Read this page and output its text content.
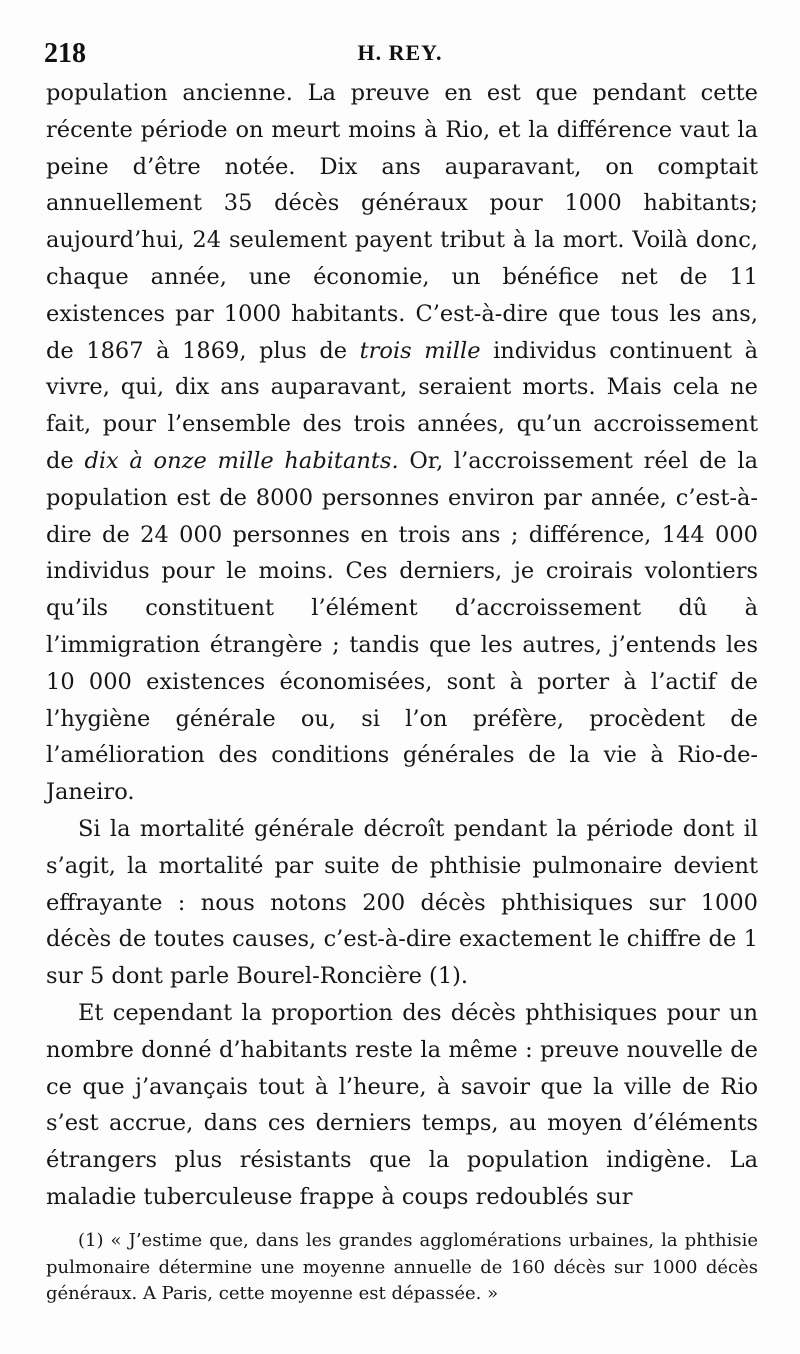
218	H. REY.

population ancienne. La preuve en est que pendant cette récente période on meurt moins à Rio, et la différence vaut la peine d’être notée. Dix ans auparavant, on comptait annuellement 35 décès généraux pour 1000 habitants; aujourd’hui, 24 seulement payent tribut à la mort. Voilà donc, chaque année, une économie, un bénéfice net de 11 existences par 1000 habitants. C’est-à-dire que tous les ans, de 1867 à 1869, plus de trois mille individus continuent à vivre, qui, dix ans auparavant, seraient morts. Mais cela ne fait, pour l’ensemble des trois années, qu’un accroissement de dix à onze mille habitants. Or, l’accroissement réel de la population est de 8000 personnes environ par année, c’est-à-dire de 24 000 personnes en trois ans ; différence, 144 000 individus pour le moins. Ces derniers, je croirais volontiers qu’ils constituent l’élément d’accroissement dû à l’immigration étrangère ; tandis que les autres, j’entends les 10 000 existences économisées, sont à porter à l’actif de l’hygiène générale ou, si l’on préfère, procèdent de l’amélioration des conditions générales de la vie à Rio-de-Janeiro.

Si la mortalité générale décroît pendant la période dont il s’agit, la mortalité par suite de phthisie pulmonaire devient effrayante : nous notons 200 décès phthisiques sur 1000 décès de toutes causes, c’est-à-dire exactement le chiffre de 1 sur 5 dont parle Bourel-Roncière (1).

Et cependant la proportion des décès phthisiques pour un nombre donné d’habitants reste la même : preuve nouvelle de ce que j’avançais tout à l’heure, à savoir que la ville de Rio s’est accrue, dans ces derniers temps, au moyen d’éléments étrangers plus résistants que la population indigène. La maladie tuberculeuse frappe à coups redoublés sur

(1) « J’estime que, dans les grandes agglomérations urbaines, la phthisie pulmonaire détermine une moyenne annuelle de 160 décès sur 1000 décès généraux. A Paris, cette moyenne est dépassée. »
